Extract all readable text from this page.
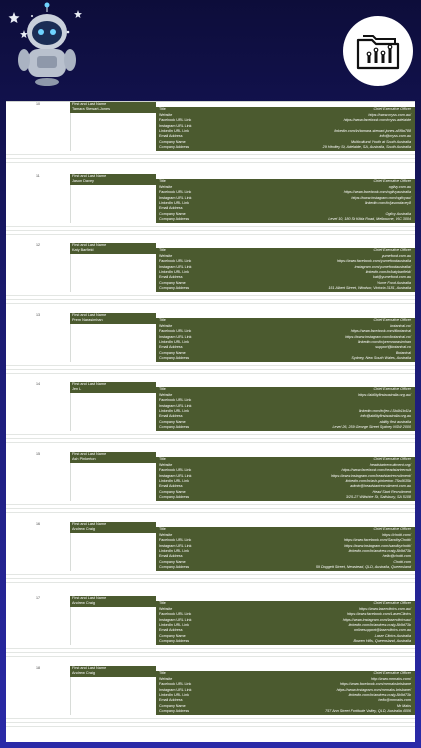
10	First and Last Name
Tamara Stewart-Jones	Title	Chief Executive Officer
Website	https://www.myss.com.au/
Facebook URL Link	https://www.facebook.com/myss.adelaide
Instagram URL Link
LinkedIn URL Link	linkedin.com/in/tamara-stewart-jones-a5f9a788
Email Address	info@myss.com.au
Company Name	Multicultural Youth at South Australia
Company Address	29 Hindley St, Adelaide, SA, Australia, South Australia
11	First and Last Name
Jason Davey	Title	Chief Executive Officer
Website	ogilvy.com.au
Facebook URL Link	https://www.facebook.com/ogilvyaustralia
Instagram URL Link	https://www.instagram.com/ogilvyau/
LinkedIn URL Link	linkedin.com/in/jasondavey8
Email Address
Company Name	Ogilvy Australia
Company Address	Level 10, 180 St Kilda Road, Melbourne, VIC 3004
12	First and Last Name
Katy Barfield	Title	Chief Executive Officer
Website	yumefood.com.au
Facebook URL Link	https://www.facebook.com/yumefoodaustralia
Instagram URL Link	instagram.com/yumefoodaustralia/
LinkedIn URL Link	linkedin.com/in/katybarfield/
Email Address	kat@yumefood.com.au
Company Name	Yume Food Australia
Company Address	151 Albert Street, Windsor, Victoria 3181, Australia
13	First and Last Name
Prem Narasimhan	Title	Chief Executive Officer
Website	botanical.co/
Facebook URL Link	https://www.facebook.com/ilbotanical
Instagram URL Link	https://www.instagram.com/botanical.co/
LinkedIn URL Link	linkedin.com/in/premnarasimhan
Email Address	support@botanical.co
Company Name	Botanical
Company Address	Sydney, New South Wales, Australia
14	First and Last Name
Jen L	Title	Chief Executive Officer
Website	https://abilityfirstaustralia.org.au/
Facebook URL Link
Instagram URL Link
LinkedIn URL Link	linkedin.com/in/jen-l-5b4b1b41a
Email Address	info@abilityfirstaustralia.org.au
Company Name	ability first australia
Company Address	Level 26, 259 George Street Sydney NSW 2000
15	First and Last Name
Ash Pinkerton	Title	Chief Executive Officer
Website	headstartrecruitment.org/
Facebook URL Link	https://www.facebook.com/headstartrecruit
Instagram URL Link	https://www.instagram.com/headstartrecruitment/
LinkedIn URL Link	linkedin.com/in/ash-pinkerton-75a4635b
Email Address	admin@headstartrecruitment.com.au
Company Name	Head Start Recruitment
Company Address	3/25-27 Wiltshire St, Salisbury, SA 5108
16	First and Last Name
Andrew Craig	Title	Chief Executive Officer
Website	https://chotti.com/
Facebook URL Link	https://www.facebook.com/SandbyChotti/
Instagram URL Link	https://www.instagram.com/sandbychotti/
LinkedIn URL Link	linkedin.com/in/andrew-craig-8b9d73b
Email Address	hello@chotti.com
Company Name	Chotti.com
Company Address	59 Doggett Street, Newstead, QLD, Australia, Queensland
17	First and Last Name
Andrew Craig	Title	Chief Executive Officer
Website	https://www.laserclinics.com.au/
Facebook URL Link	https://www.facebook.com/LaserClinics
Instagram URL Link	https://www.instagram.com/laserclinicsau/
LinkedIn URL Link	linkedin.com/in/andrew-craig-8b9d73b
Email Address	onlinesupport@laserclinics.com.au
Company Name	Laser Clinics Australia
Company Address	Bowen Hills, Queensland, Australia
18	First and Last Name
Andrew Craig	Title	Chief Executive Officer
Website	http://www.mrmaks.com/
Facebook URL Link	https://www.facebook.com/mrmaksbrisbane
Instagram URL Link	https://www.instagram.com/mrmaks.brisbane/
LinkedIn URL Link	linkedin.com/in/andrew-craig-8b9d73b
Email Address	hello@mrmaks.com
Company Name	Mr Maks
Company Address	757 Ann Street Fortitude Valley, QLD, Australia 4006
